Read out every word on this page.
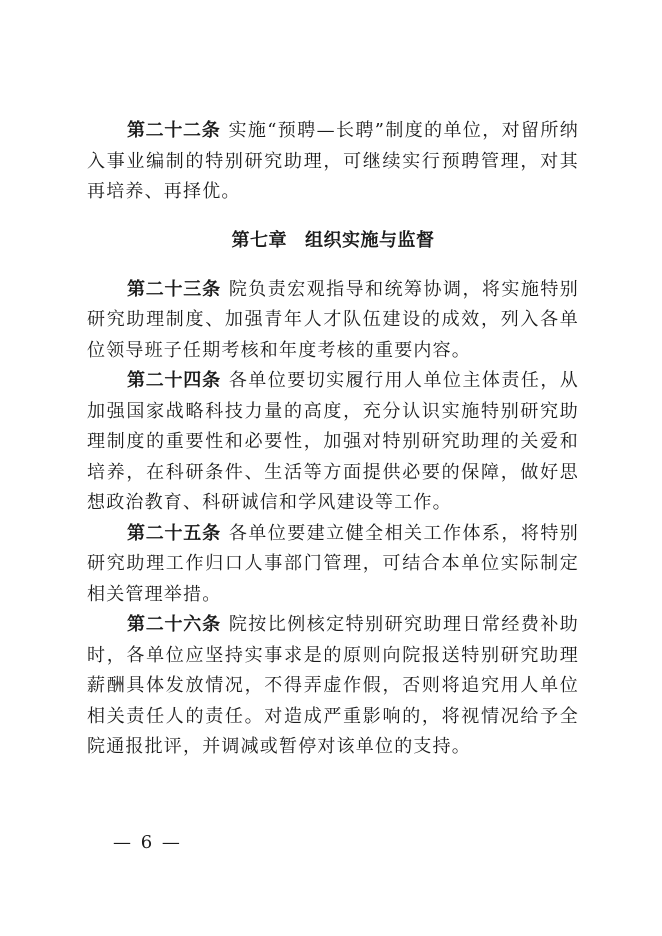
第二十二条 实施“预聘—长聘”制度的单位，对留所纳入事业编制的特别研究助理，可继续实行预聘管理，对其再培养、再择优。

第七章 组织实施与监督

第二十三条 院负责宏观指导和统筹协调，将实施特别研究助理制度、加强青年人才队伍建设的成效，列入各单位领导班子任期考核和年度考核的重要内容。

第二十四条 各单位要切实履行用人单位主体责任，从加强国家战略科技力量的高度，充分认识实施特别研究助理制度的重要性和必要性，加强对特别研究助理的关爱和培养，在科研条件、生活等方面提供必要的保障，做好思想政治教育、科研诚信和学风建设等工作。

第二十五条 各单位要建立健全相关工作体系，将特别研究助理工作归口人事部门管理，可结合本单位实际制定相关管理举措。

第二十六条 院按比例核定特别研究助理日常经费补助时，各单位应坚持实事求是的原则向院报送特别研究助理薪酬具体发放情况，不得弄虚作假，否则将追究用人单位相关责任人的责任。对造成严重影响的，将视情况给予全院通报批评，并调减或暂停对该单位的支持。

— 6 —
